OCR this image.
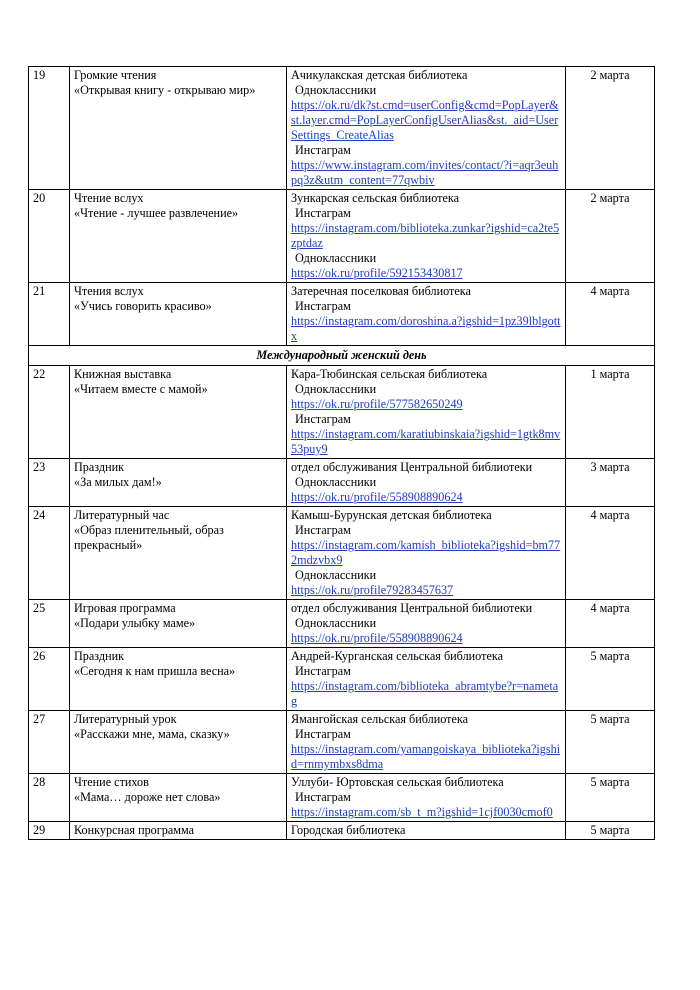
19	Громкие чтения
«Открывая книгу - открываю мир»	Ачикулакская детская библиотека
Одноклассники
https://ok.ru/dk?st.cmd=userConfig&cmd=PopLayer&st.layer.cmd=PopLayerConfigUserAlias&st._aid=UserSettings_CreateAlias
Инстаграм
https://www.instagram.com/invites/contact/?i=aqr3euhpq3z&utm_content=77qwbiv	2 марта
20	Чтение вслух
«Чтение - лучшее развлечение»	Зункарская сельская библиотека
Инстаграм
https://instagram.com/biblioteka.zunkar?igshid=ca2te5zptdaz
Одноклассники
https://ok.ru/profile/592153430817	2 марта
21	Чтения вслух
«Учись говорить красиво»	Затеречная поселковая библиотека
Инстаграм
https://instagram.com/doroshina.a?igshid=1pz39lblgottx	4 марта
Международный женский день			
22	Книжная выставка
«Читаем вместе с мамой»	Кара-Тюбинская сельская библиотека
Одноклассники
https://ok.ru/profile/577582650249
Инстаграм
https://instagram.com/karatiubinskaia?igshid=1gtk8mv53puy9	1 марта
23	Праздник
«За милых дам!»	отдел обслуживания Центральной библиотеки
Одноклассники
https://ok.ru/profile/558908890624	3 марта
24	Литературный час
«Образ пленительный, образ прекрасный»	Камыш-Бурунская детская библиотека
Инстаграм
https://instagram.com/kamish_biblioteka?igshid=bm772mdzvbx9
Одноклассники
https://ok.ru/profile79283457637	4 марта
25	Игровая программа
«Подари улыбку маме»	отдел обслуживания Центральной библиотеки
Одноклассники
https://ok.ru/profile/558908890624	4 марта
26	Праздник
«Сегодня к нам пришла весна»	Андрей-Курганская сельская библиотека
Инстаграм
https://instagram.com/biblioteka_abramtybe?r=nametag	5 марта
27	Литературный урок
«Расскажи мне, мама, сказку»	Ямангойская сельская библиотека
Инстаграм
https://instagram.com/yamangoiskaya_biblioteka?igshid=rnmymbxs8dma	5 марта
28	Чтение стихов
«Мама… дороже нет слова»	Уллуби- Юртовская сельская библиотека
Инстаграм
https://instagram.com/sb_t_m?igshid=1cjf0030cmof0	5 марта
29	Конкурсная программа	Городская библиотека	5 марта
